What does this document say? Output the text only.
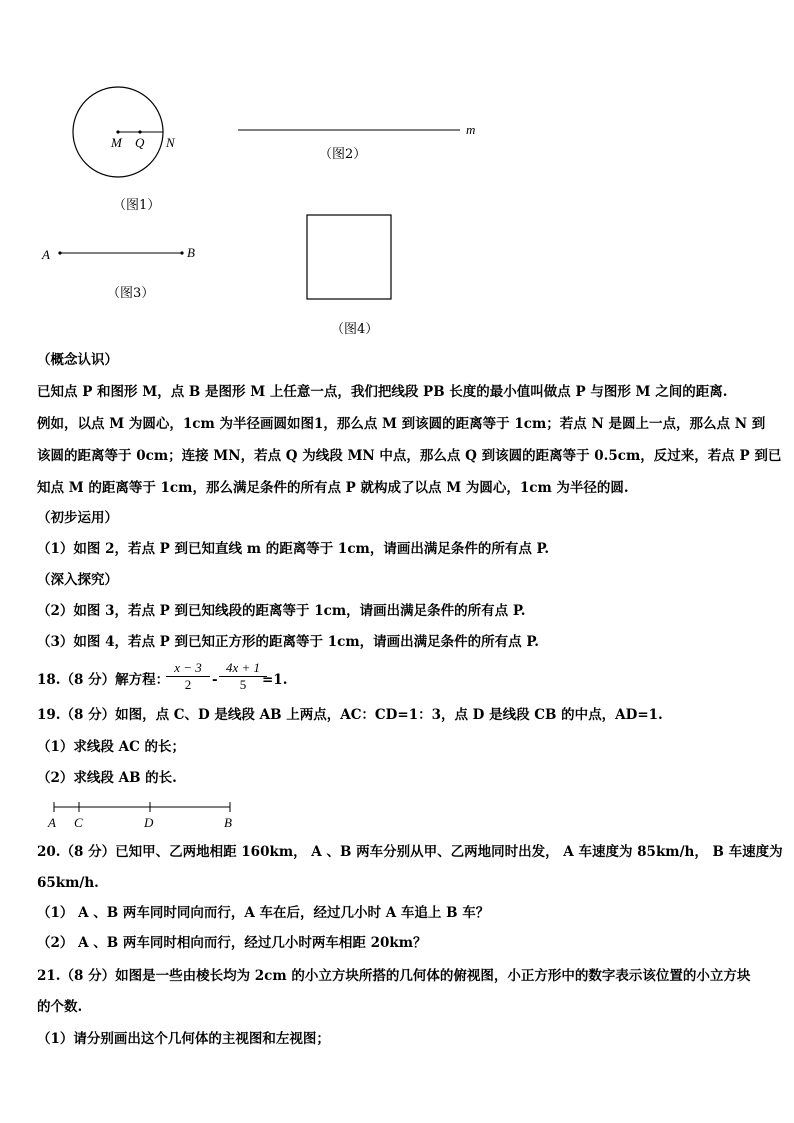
M Q N
（图1）
m
（图2）
A	B
（图3）
（图4）
（概念认识）
已知点 P 和图形 M，点 B 是图形 M 上任意一点，我们把线段 PB 长度的最小值叫做点 P 与图形 M 之间的距离.
例如，以点 M 为圆心，1cm 为半径画圆如图1，那么点 M 到该圆的距离等于 1cm；若点 N 是圆上一点，那么点 N 到
该圆的距离等于 0cm；连接 MN，若点 Q 为线段 MN 中点，那么点 Q 到该圆的距离等于 0.5cm，反过来，若点 P 到已
知点 M 的距离等于 1cm，那么满足条件的所有点 P 就构成了以点 M 为圆心，1cm 为半径的圆.
（初步运用）
（1）如图 2，若点 P 到已知直线 m 的距离等于 1cm，请画出满足条件的所有点 P.
（深入探究）
（2）如图 3，若点 P 到已知线段的距离等于 1cm，请画出满足条件的所有点 P.
（3）如图 4，若点 P 到已知正方形的距离等于 1cm，请画出满足条件的所有点 P.
18.（8 分）解方程：
$\frac{x - 3}{2} - \frac{4x + 1}{5}$
=1.
19.（8 分）如图，点 C、D 是线段 AB 上两点，AC：CD=1：3，点 D 是线段 CB 的中点，AD=1.
（1）求线段 AC 的长；
（2）求线段 AB 的长.
A C	D	B
20.（8 分）已知甲、乙两地相距 160km， A 、B 两车分别从甲、乙两地同时出发， A 车速度为 85km/h， B 车速度为
65km/h.
（1） A 、B 两车同时同向而行，A 车在后，经过几小时 A 车追上 B 车？
（2） A 、B 两车同时相向而行，经过几小时两车相距 20km？
21.（8 分）如图是一些由棱长均为 2cm 的小立方块所搭的几何体的俯视图，小正方形中的数字表示该位置的小立方块
的个数.
（1）请分别画出这个几何体的主视图和左视图；
